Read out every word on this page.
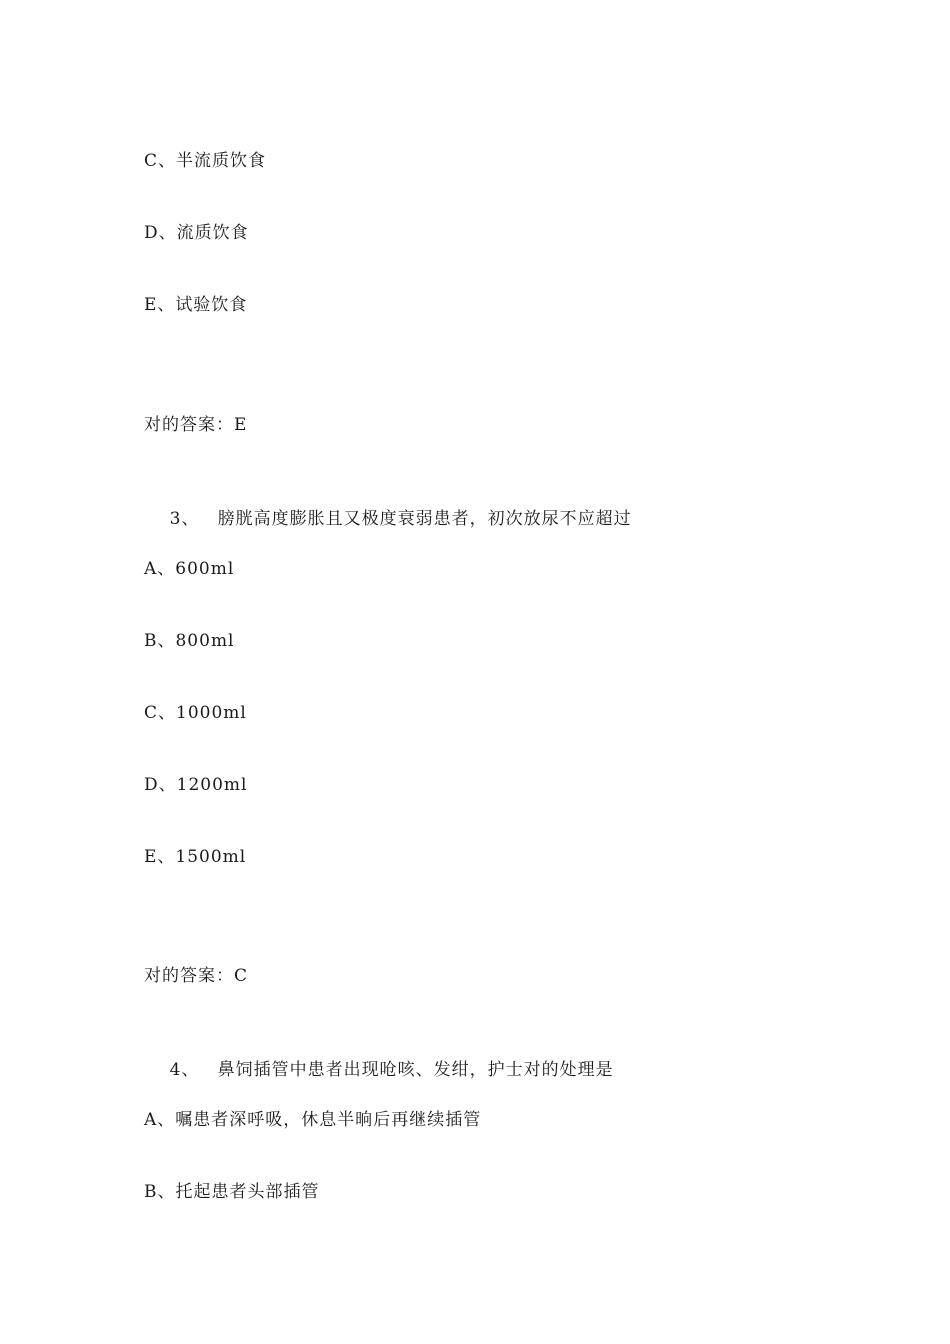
C、半流质饮食
D、流质饮食
E、试验饮食
对的答案：E

3、 膀胱高度膨胀且又极度衰弱患者，初次放尿不应超过

A、600ml
B、800ml
C、1000ml
D、1200ml
E、1500ml
对的答案：C

4、 鼻饲插管中患者出现呛咳、发绀，护士对的处理是

A、嘱患者深呼吸，休息半晌后再继续插管
B、托起患者头部插管
